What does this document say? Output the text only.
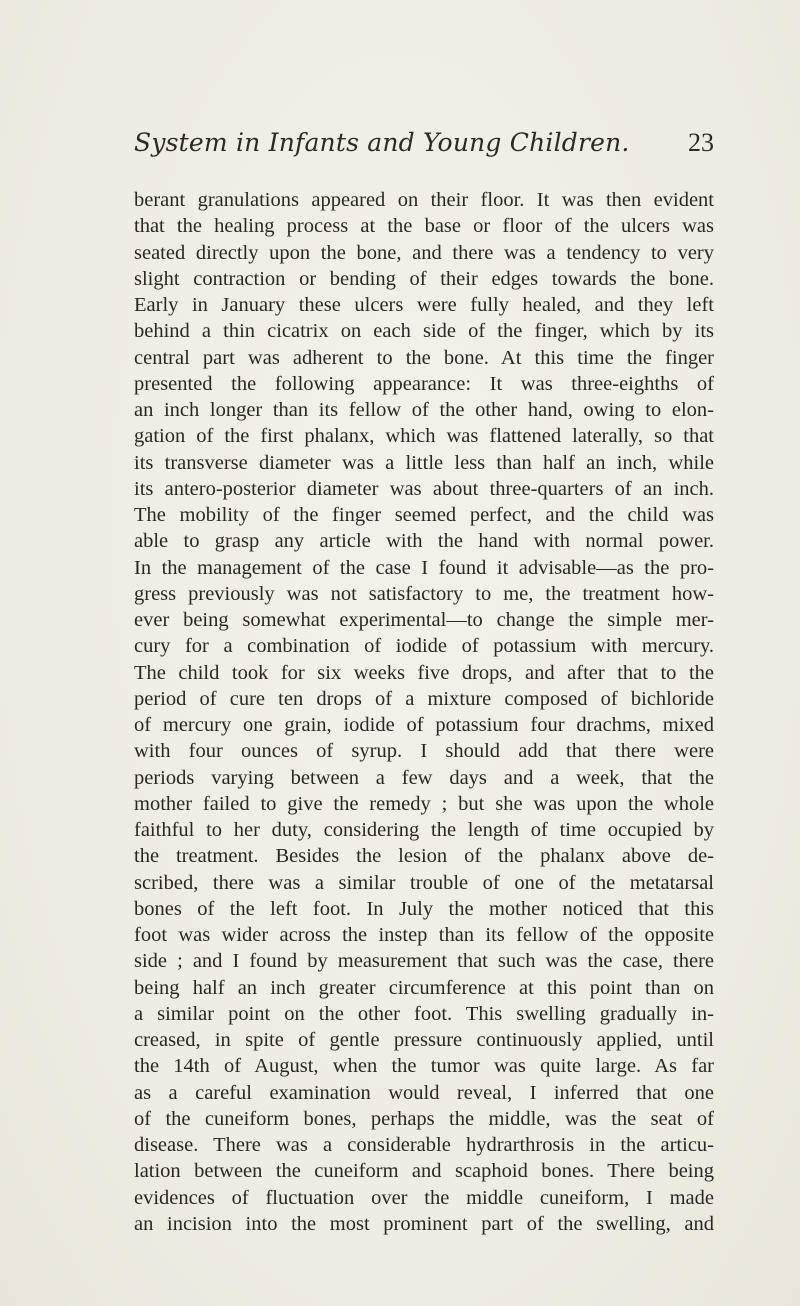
System in Infants and Young Children. 23
berant granulations appeared on their floor. It was then evident
that the healing process at the base or floor of the ulcers was
seated directly upon the bone, and there was a tendency to very
slight contraction or bending of their edges towards the bone.
Early in January these ulcers were fully healed, and they left
behind a thin cicatrix on each side of the finger, which by its
central part was adherent to the bone. At this time the finger
presented the following appearance: It was three-eighths of
an inch longer than its fellow of the other hand, owing to elon-
gation of the first phalanx, which was flattened laterally, so that
its transverse diameter was a little less than half an inch, while
its antero-posterior diameter was about three-quarters of an inch.
The mobility of the finger seemed perfect, and the child was
able to grasp any article with the hand with normal power.
In the management of the case I found it advisable—as the pro-
gress previously was not satisfactory to me, the treatment how-
ever being somewhat experimental—to change the simple mer-
cury for a combination of iodide of potassium with mercury.
The child took for six weeks five drops, and after that to the
period of cure ten drops of a mixture composed of bichloride
of mercury one grain, iodide of potassium four drachms, mixed
with four ounces of syrup. I should add that there were
periods varying between a few days and a week, that the
mother failed to give the remedy ; but she was upon the whole
faithful to her duty, considering the length of time occupied by
the treatment. Besides the lesion of the phalanx above de-
scribed, there was a similar trouble of one of the metatarsal
bones of the left foot. In July the mother noticed that this
foot was wider across the instep than its fellow of the opposite
side ; and I found by measurement that such was the case, there
being half an inch greater circumference at this point than on
a similar point on the other foot. This swelling gradually in-
creased, in spite of gentle pressure continuously applied, until
the 14th of August, when the tumor was quite large. As far
as a careful examination would reveal, I inferred that one
of the cuneiform bones, perhaps the middle, was the seat of
disease. There was a considerable hydrarthrosis in the articu-
lation between the cuneiform and scaphoid bones. There being
evidences of fluctuation over the middle cuneiform, I made
an incision into the most prominent part of the swelling, and
